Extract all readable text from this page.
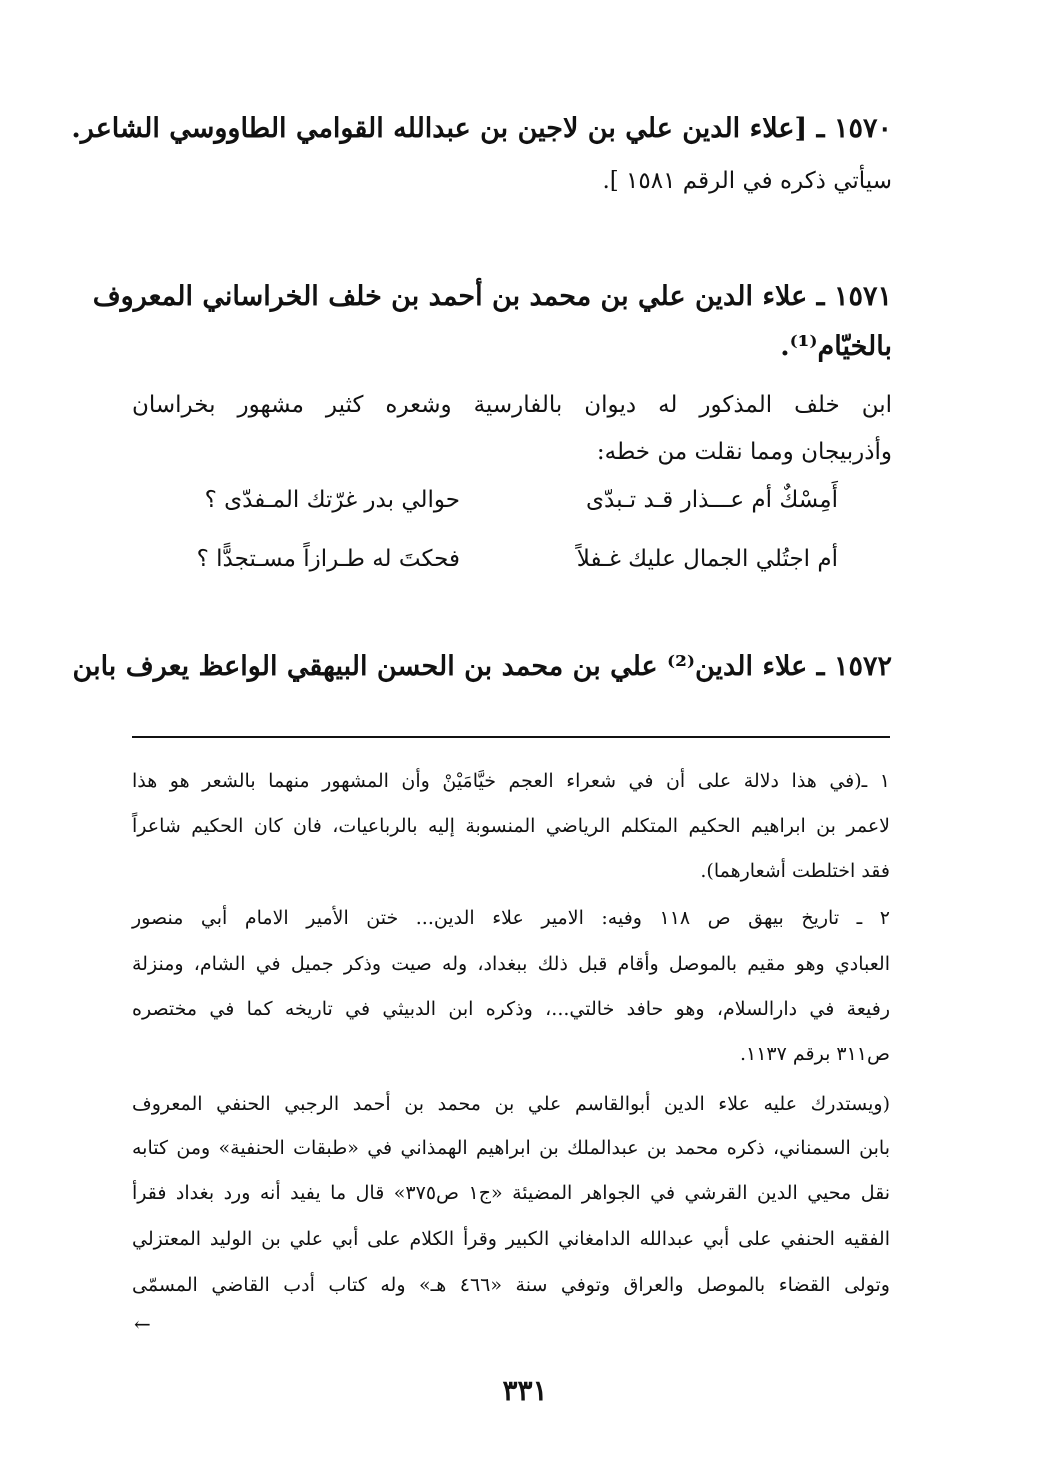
١٥٧٠ ـ [علاء الدين علي بن لاجين بن عبدالله القوامي الطاووسي الشاعر.
سيأتي ذكره في الرقم ١٥٨١ ].
١٥٧١ ـ علاء الدين علي بن محمد بن أحمد بن خلف الخراساني المعروف
بالخيّام⁽¹⁾.
ابن خلف المذكور له ديوان بالفارسية وشعره كثير مشهور بخراسان
وأذربيجان ومما نقلت من خطه:
أَمِسْكٌ أم عـــذار قـد تـبدّى
حوالي بدر غرّتك المـفدّى ؟
أم اجتُلي الجمال عليك غـفلاً
فحكتَ له طـرازاً مسـتجدًّا ؟
١٥٧٢ ـ علاء الدين⁽²⁾ علي بن محمد بن الحسن البيهقي الواعظ يعرف بابن
١ ـ(في هذا دلالة على أن في شعراء العجم خيَّامَيْنْ وأن المشهور منهما بالشعر هو هذا
لاعمر بن ابراهيم الحكيم المتكلم الرياضي المنسوبة إليه بالرباعيات، فان كان الحكيم شاعراً
فقد اختلطت أشعارهما).
٢ ـ تاريخ بيهق ص ١١٨ وفيه: الامير علاء الدين... ختن الأمير الامام أبي منصور
العبادي وهو مقيم بالموصل وأقام قبل ذلك ببغداد، وله صيت وذكر جميل في الشام، ومنزلة
رفيعة في دارالسلام، وهو حافد خالتي...، وذكره ابن الدبيثي في تاريخه كما في مختصره
ص٣١١ برقم ١١٣٧.
(ويستدرك عليه علاء الدين أبوالقاسم علي بن محمد بن أحمد الرجبي الحنفي المعروف
بابن السمناني، ذكره محمد بن عبدالملك بن ابراهيم الهمذاني في «طبقات الحنفية» ومن كتابه
نقل محيي الدين القرشي في الجواهر المضيئة «ج١ ص٣٧٥» قال ما يفيد أنه ورد بغداد فقرأ
الفقيه الحنفي على أبي عبدالله الدامغاني الكبير وقرأ الكلام على أبي علي بن الوليد المعتزلي
وتولى القضاء بالموصل والعراق وتوفي سنة «٤٦٦ هـ» وله كتاب أدب القاضي المسمّى
←
٣٣١
